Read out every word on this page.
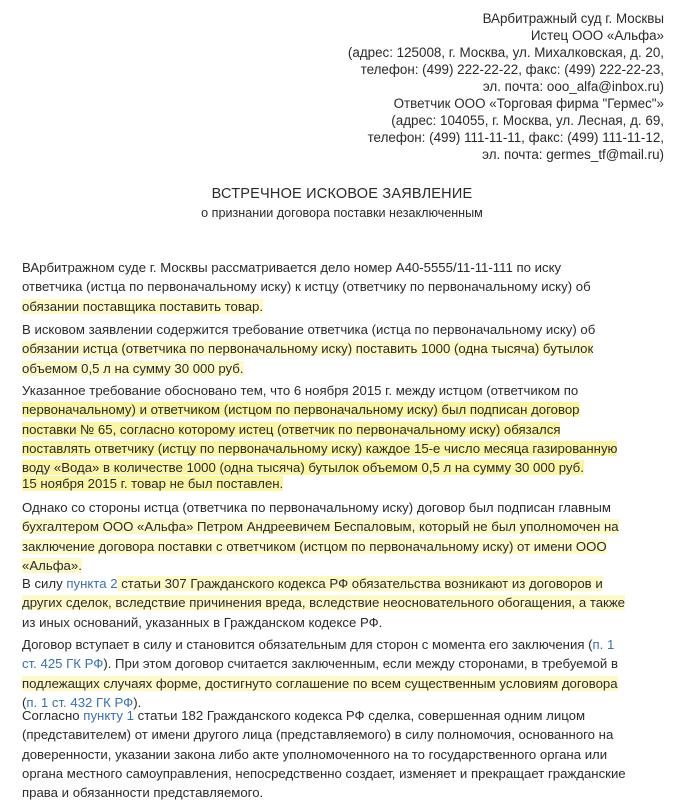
ВАрбитражный суд г. Москвы
Истец ООО «Альфа»
(адрес: 125008, г. Москва, ул. Михалковская, д. 20,
телефон: (499) 222-22-22, факс: (499) 222-22-23,
эл. почта: ooo_alfa@inbox.ru)
Ответчик ООО «Торговая фирма "Гермес"»
(адрес: 104055, г. Москва, ул. Лесная, д. 69,
телефон: (499) 111-11-11, факс: (499) 111-11-12,
эл. почта: germes_tf@mail.ru)
ВСТРЕЧНОЕ ИСКОВОЕ ЗАЯВЛЕНИЕ
о признании договора поставки незаключенным
ВАрбитражном суде г. Москвы рассматривается дело номер А40-5555/11-11-111 по иску
ответчика (истца по первоначальному иску) к истцу (ответчику по первоначальному иску) об
обязании поставщика поставить товар.
В исковом заявлении содержится требование ответчика (истца по первоначальному иску) об
обязании истца (ответчика по первоначальному иску) поставить 1000 (одна тысяча) бутылок
объемом 0,5 л на сумму 30 000 руб.
Указанное требование обосновано тем, что 6 ноября 2015 г. между истцом (ответчиком по
первоначальному) и ответчиком (истцом по первоначальному иску) был подписан договор
поставки № 65, согласно которому истец (ответчик по первоначальному иску) обязался
поставлять ответчику (истцу по первоначальному иску) каждое 15-е число месяца газированную
воду «Вода» в количестве 1000 (одна тысяча) бутылок объемом 0,5 л на сумму 30 000 руб.
15 ноября 2015 г. товар не был поставлен.
Однако со стороны истца (ответчика по первоначальному иску) договор был подписан главным
бухгалтером ООО «Альфа» Петром Андреевичем Беспаловым, который не был уполномочен на
заключение договора поставки с ответчиком (истцом по первоначальному иску) от имени ООО
«Альфа».
В силу пункта 2 статьи 307 Гражданского кодекса РФ обязательства возникают из договоров и
других сделок, вследствие причинения вреда, вследствие неосновательного обогащения, а также
из иных оснований, указанных в Гражданском кодексе РФ.
Договор вступает в силу и становится обязательным для сторон с момента его заключения (п. 1
ст. 425 ГК РФ). При этом договор считается заключенным, если между сторонами, в требуемой в
подлежащих случаях форме, достигнуто соглашение по всем существенным условиям договора
(п. 1 ст. 432 ГК РФ).
Согласно пункту 1 статьи 182 Гражданского кодекса РФ сделка, совершенная одним лицом
(представителем) от имени другого лица (представляемого) в силу полномочия, основанного на
доверенности, указании закона либо акте уполномоченного на то государственного органа или
органа местного самоуправления, непосредственно создает, изменяет и прекращает гражданские
права и обязанности представляемого.
